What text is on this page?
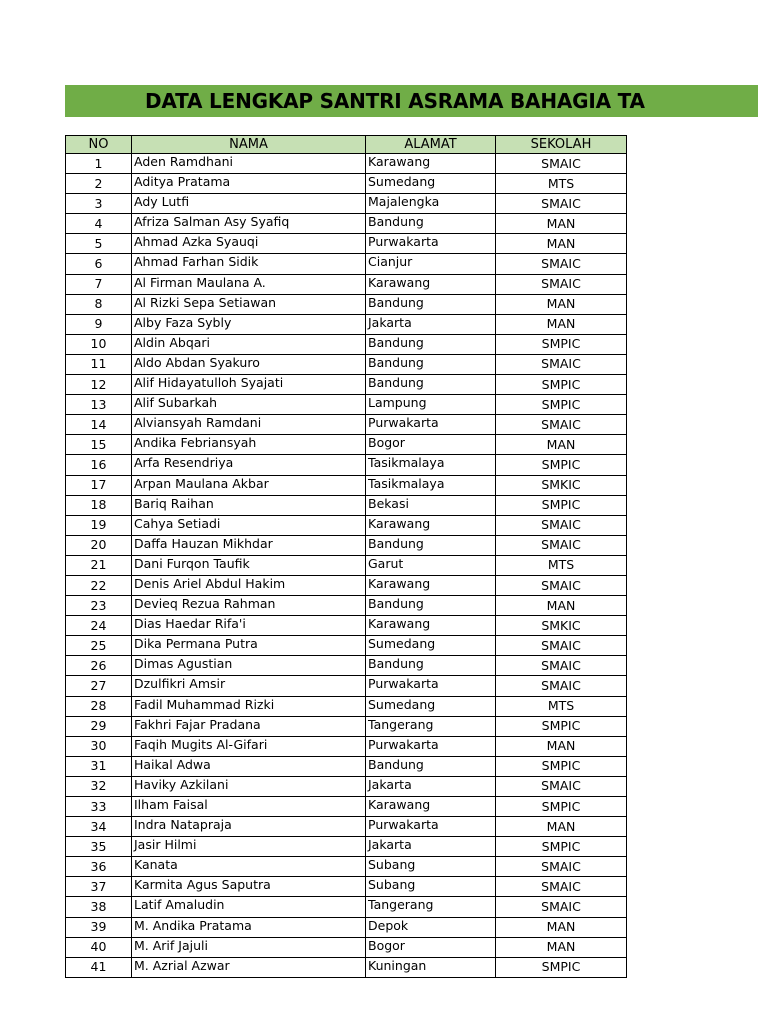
DATA LENGKAP SANTRI ASRAMA BAHAGIA TA
NO	NAMA	ALAMAT	SEKOLAH
1	Aden Ramdhani	Karawang	SMAIC
2	Aditya Pratama	Sumedang	MTS
3	Ady Lutfi	Majalengka	SMAIC
4	Afriza Salman Asy Syafiq	Bandung	MAN
5	Ahmad Azka Syauqi	Purwakarta	MAN
6	Ahmad Farhan Sidik	Cianjur	SMAIC
7	Al Firman Maulana A.	Karawang	SMAIC
8	Al Rizki Sepa Setiawan	Bandung	MAN
9	Alby Faza Sybly	Jakarta	MAN
10	Aldin Abqari	Bandung	SMPIC
11	Aldo Abdan Syakuro	Bandung	SMAIC
12	Alif Hidayatulloh Syajati	Bandung	SMPIC
13	Alif Subarkah	Lampung	SMPIC
14	Alviansyah Ramdani	Purwakarta	SMAIC
15	Andika Febriansyah	Bogor	MAN
16	Arfa Resendriya	Tasikmalaya	SMPIC
17	Arpan Maulana Akbar	Tasikmalaya	SMKIC
18	Bariq Raihan	Bekasi	SMPIC
19	Cahya Setiadi	Karawang	SMAIC
20	Daffa Hauzan Mikhdar	Bandung	SMAIC
21	Dani Furqon Taufik	Garut	MTS
22	Denis Ariel Abdul Hakim	Karawang	SMAIC
23	Devieq Rezua Rahman	Bandung	MAN
24	Dias Haedar Rifa'i	Karawang	SMKIC
25	Dika Permana Putra	Sumedang	SMAIC
26	Dimas Agustian	Bandung	SMAIC
27	Dzulfikri Amsir	Purwakarta	SMAIC
28	Fadil Muhammad Rizki	Sumedang	MTS
29	Fakhri Fajar Pradana	Tangerang	SMPIC
30	Faqih Mugits Al-Gifari	Purwakarta	MAN
31	Haikal Adwa	Bandung	SMPIC
32	Haviky Azkilani	Jakarta	SMAIC
33	Ilham Faisal	Karawang	SMPIC
34	Indra Natapraja	Purwakarta	MAN
35	Jasir Hilmi	Jakarta	SMPIC
36	Kanata	Subang	SMAIC
37	Karmita Agus Saputra	Subang	SMAIC
38	Latif Amaludin	Tangerang	SMAIC
39	M. Andika Pratama	Depok	MAN
40	M. Arif Jajuli	Bogor	MAN
41	M. Azrial Azwar	Kuningan	SMPIC
